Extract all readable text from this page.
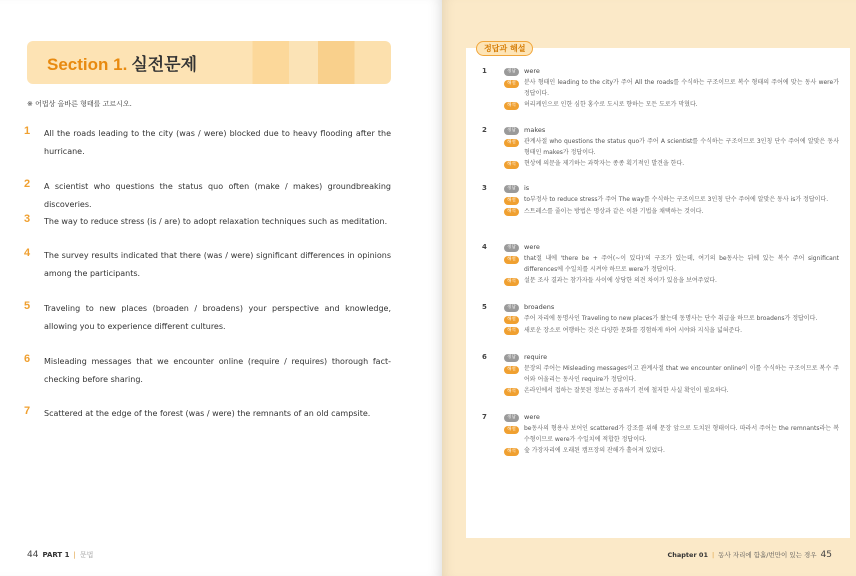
Section 1. 실전문제
※ 어법상 올바른 형태를 고르시오.
1	All the roads leading to the city (was / were) blocked due to heavy flooding after the hurricane.
2	A scientist who questions the status quo often (make / makes) groundbreaking discoveries.
3	The way to reduce stress (is / are) to adopt relaxation techniques such as meditation.
4	The survey results indicated that there (was / were) significant differences in opinions among the participants.
5	Traveling to new places (broaden / broadens) your perspective and knowledge, allowing you to experience different cultures.
6	Misleading messages that we encounter online (require / requires) thorough fact-checking before sharing.
7	Scattered at the edge of the forest (was / were) the remnants of an old campsite.
44 PART 1 | 문법
정답과 해설
1	정답	were
해설	분사 형태인 leading to the city가 주어 All the roads를 수식하는 구조이므로 복수 형태의 주어에 맞는 동사 were가 정답이다.
해석	허리케인으로 인한 심한 홍수로 도시로 향하는 모든 도로가 막혔다.
2	정답	makes
해설	관계사절 who questions the status quo가 주어 A scientist를 수식하는 구조이므로 3인칭 단수 주어에 알맞은 동사 형태인 makes가 정답이다.
해석	현상에 의문을 제기하는 과학자는 종종 획기적인 발견을 한다.
3	정답	is
해설	to부정사 to reduce stress가 주어 The way를 수식하는 구조이므로 3인칭 단수 주어에 알맞은 동사 is가 정답이다.
해석	스트레스를 줄이는 방법은 명상과 같은 이완 기법을 채택하는 것이다.
4	정답	were
해설	that절 내에 'there be + 주어(~이 있다)'의 구조가 있는데, 여기의 be동사는 뒤에 있는 복수 주어 significant differences에 수일치를 시켜야 하므로 were가 정답이다.
해석	설문 조사 결과는 참가자들 사이에 상당한 의견 차이가 있음을 보여주었다.
5	정답	broadens
해설	주어 자리에 동명사인 Traveling to new places가 왔는데 동명사는 단수 취급을 하므로 broadens가 정답이다.
해석	새로운 장소로 여행하는 것은 다양한 문화를 경험하게 하여 시야와 지식을 넓혀준다.
6	정답	require
해설	문장의 주어는 Misleading messages이고 관계사절 that we encounter online이 이를 수식하는 구조이므로 복수 주어와 어울리는 동사인 require가 정답이다.
해석	온라인에서 접하는 잘못된 정보는 공유하기 전에 철저한 사실 확인이 필요하다.
7	정답	were
해설	be동사의 형용사 보어인 scattered가 강조를 위해 문장 앞으로 도치된 형태이다. 따라서 주어는 the remnants라는 복수형이므로 were가 수일치에 적합한 정답이다.
해석	숲 가장자리에 오래된 캠프장의 잔해가 흩어져 있었다.
Chapter 01 | 동사 자리에 함흘/번만이 있는 경우 45
